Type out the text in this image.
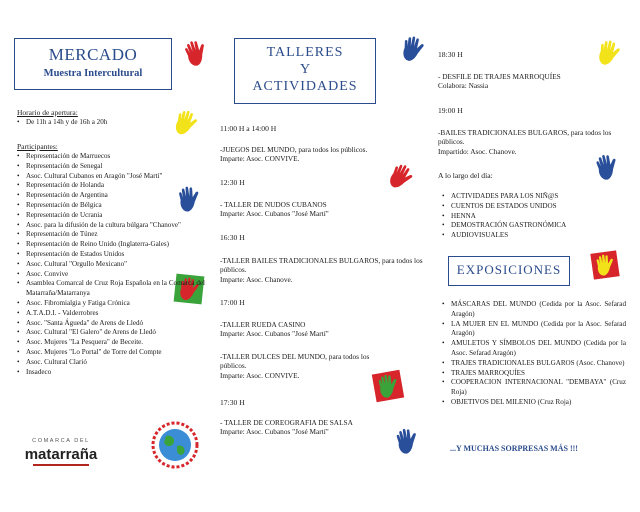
MERCADO
Muestra Intercultural
Horario de apertura:
• De 11h a 14h y de 16h a 20h
Participantes:
• Representación de Marruecos
• Representación de Senegal
• Asoc. Cultural Cubanos en Aragón "José Martí"
• Representación de Holanda
• Representación de Argentina
• Representación de Bélgica
• Representación de Ucrania
• Asoc. para la difusión de la cultura búlgara "Chanove"
• Representación de Túnez
• Representación de Reino Unido (Inglaterra-Gales)
• Representación de Estados Unidos
• Asoc. Cultural "Orgullo Mexicano"
• Asoc. Convive
• Asamblea Comarcal de Cruz Roja Española en la Comarca del Matarraña/Matarranya
• Asoc. Fibromialgia y Fatiga Crónica
• A.T.A.D.I. - Valderrobres
• Asoc. "Santa Águeda" de Arens de Lledó
• Asoc. Cultural "El Galero" de Arens de Lledó
• Asoc. Mujeres "La Pesquera" de Beceite.
• Asoc. Mujeres "Lo Portal" de Torre del Compte
• Asoc. Cultural Clarió
• Insadeco
COMARCA DEL
matarraña
TALLERES
Y
ACTIVIDADES
11:00 H a 14:00 H
-JUEGOS DEL MUNDO, para todos los públicos.
Imparte: Asoc. CONVIVE.
12:30 H
- TALLER DE NUDOS CUBANOS
Imparte: Asoc. Cubanos "José Martí"
16:30 H
-TALLER BAILES TRADICIONALES BULGAROS, para todos los públicos.
Imparte: Asoc. Chanove.
17:00 H
-TALLER RUEDA CASINO
Imparte: Asoc. Cubanos "José Martí"
-TALLER DULCES DEL MUNDO, para todos los públicos.
Imparte: Asoc. CONVIVE.
17:30 H
- TALLER DE COREOGRAFIA DE SALSA
Imparte: Asoc. Cubanos "José Martí"
18:30 H
- DESFILE DE TRAJES MARROQUÍES
Colabora: Nassia
19:00 H
-BAILES TRADICIONALES BULGAROS, para todos los públicos.
Impartido: Asoc. Chanove.
A lo largo del día:
• ACTIVIDADES PARA LOS NIÑ@S
• CUENTOS DE ESTADOS UNIDOS
• HENNA
• DEMOSTRACIÓN GASTRONÓMICA
• AUDIOVISUALES
EXPOSICIONES
• MÁSCARAS DEL MUNDO (Cedida por la Asoc. Sefarad Aragón)
• LA MUJER EN EL MUNDO (Cedida por la Asoc. Sefarad Aragón)
• AMULETOS Y SÍMBOLOS DEL MUNDO (Cedida por la Asoc. Sefarad Aragón)
• TRAJES TRADICIONALES BULGAROS (Asoc. Chanove)
• TRAJES MARROQUÍES
• COOPERACION INTERNACIONAL "DEMBAYA" (Cruz Roja)
• OBJETIVOS DEL MILENIO (Cruz Roja)
...Y MUCHAS SORPRESAS MÁS !!!
